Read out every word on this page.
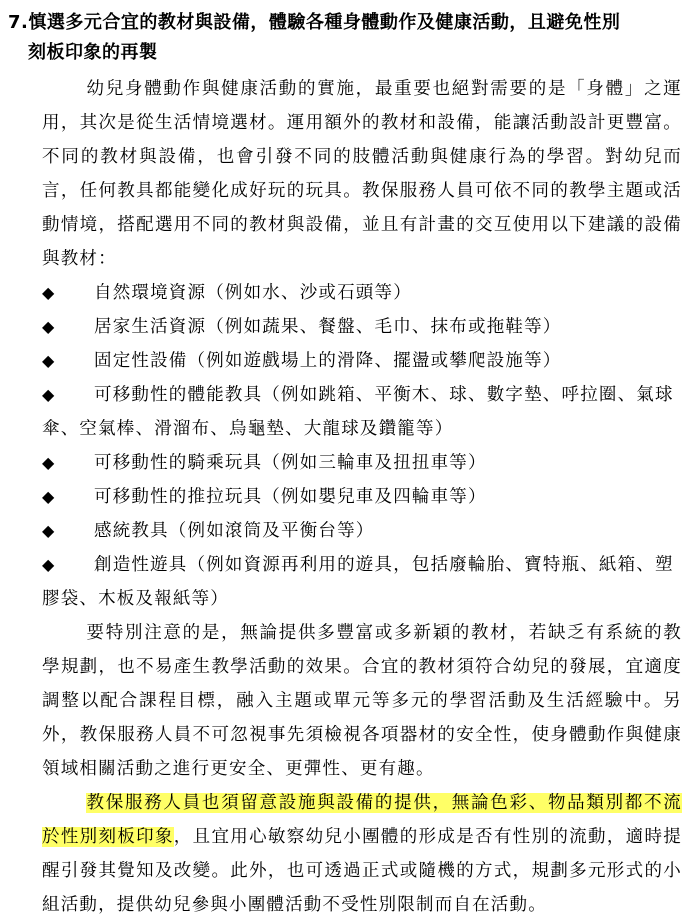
7.慎選多元合宜的教材與設備，體驗各種身體動作及健康活動，且避免性別
刻板印象的再製
幼兒身體動作與健康活動的實施，最重要也絕對需要的是「身體」之運用，其次是從生活情境選材。運用額外的教材和設備，能讓活動設計更豐富。不同的教材與設備，也會引發不同的肢體活動與健康行為的學習。對幼兒而言，任何教具都能變化成好玩的玩具。教保服務人員可依不同的教學主題或活動情境，搭配選用不同的教材與設備，並且有計畫的交互使用以下建議的設備與教材：
◆	自然環境資源（例如水、沙或石頭等）
◆	居家生活資源（例如蔬果、餐盤、毛巾、抹布或拖鞋等）
◆	固定性設備（例如遊戲場上的滑降、擺盪或攀爬設施等）
◆	可移動性的體能教具（例如跳箱、平衡木、球、數字墊、呼拉圈、氣球傘、空氣棒、滑溜布、烏龜墊、大龍球及鑽籠等）
◆	可移動性的騎乘玩具（例如三輪車及扭扭車等）
◆	可移動性的推拉玩具（例如嬰兒車及四輪車等）
◆	感統教具（例如滾筒及平衡台等）
◆	創造性遊具（例如資源再利用的遊具，包括廢輪胎、寶特瓶、紙箱、塑膠袋、木板及報紙等）
要特別注意的是，無論提供多豐富或多新穎的教材，若缺乏有系統的教學規劃，也不易產生教學活動的效果。合宜的教材須符合幼兒的發展，宜適度調整以配合課程目標，融入主題或單元等多元的學習活動及生活經驗中。另外，教保服務人員不可忽視事先須檢視各項器材的安全性，使身體動作與健康領域相關活動之進行更安全、更彈性、更有趣。
教保服務人員也須留意設施與設備的提供，無論色彩、物品類別都不流於性別刻板印象，且宜用心敏察幼兒小團體的形成是否有性別的流動，適時提醒引發其覺知及改變。此外，也可透過正式或隨機的方式，規劃多元形式的小組活動，提供幼兒參與小團體活動不受性別限制而自在活動。
